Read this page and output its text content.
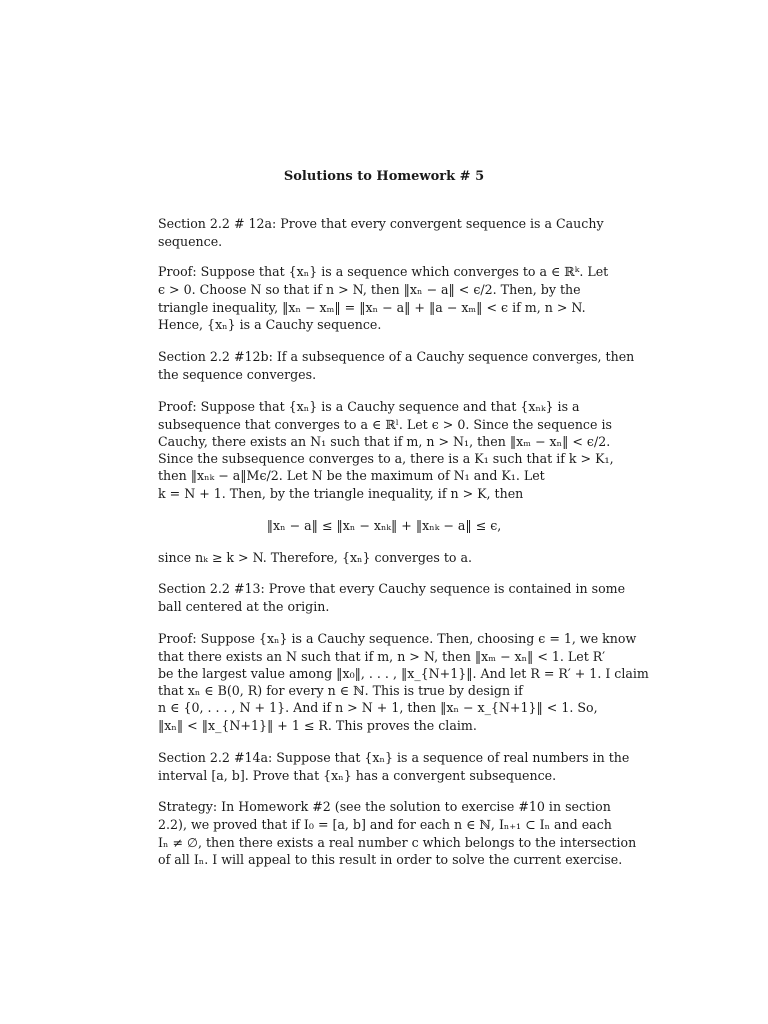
Solutions to Homework # 5
Section 2.2 # 12a: Prove that every convergent sequence is a Cauchy
sequence.
Proof: Suppose that {xₙ} is a sequence which converges to a ∈ ℝᵏ. Let
ϵ > 0. Choose N so that if n > N, then ‖xₙ − a‖ < ϵ/2. Then, by the
triangle inequality, ‖xₙ − xₘ‖ = ‖xₙ − a‖ + ‖a − xₘ‖ < ϵ if m, n > N.
Hence, {xₙ} is a Cauchy sequence.
Section 2.2 #12b: If a subsequence of a Cauchy sequence converges, then
the sequence converges.
Proof: Suppose that {xₙ} is a Cauchy sequence and that {xₙₖ} is a
subsequence that converges to a ∈ ℝˡ. Let ϵ > 0. Since the sequence is
Cauchy, there exists an N₁ such that if m, n > N₁, then ‖xₘ − xₙ‖ < ϵ/2.
Since the subsequence converges to a, there is a K₁ such that if k > K₁,
then ‖xₙₖ − a‖Mϵ/2. Let N be the maximum of N₁ and K₁. Let
k = N + 1. Then, by the triangle inequality, if n > K, then
‖xₙ − a‖ ≤ ‖xₙ − xₙₖ‖ + ‖xₙₖ − a‖ ≤ ϵ,
since nₖ ≥ k > N. Therefore, {xₙ} converges to a.
Section 2.2 #13: Prove that every Cauchy sequence is contained in some
ball centered at the origin.
Proof: Suppose {xₙ} is a Cauchy sequence. Then, choosing ϵ = 1, we know
that there exists an N such that if m, n > N, then ‖xₘ − xₙ‖ < 1. Let R′
be the largest value among ‖x₀‖, . . . , ‖x_{N+1}‖. And let R = R′ + 1. I claim
that xₙ ∈ B(0, R) for every n ∈ ℕ. This is true by design if
n ∈ {0, . . . , N + 1}. And if n > N + 1, then ‖xₙ − x_{N+1}‖ < 1. So,
‖xₙ‖ < ‖x_{N+1}‖ + 1 ≤ R. This proves the claim.
Section 2.2 #14a: Suppose that {xₙ} is a sequence of real numbers in the
interval [a, b]. Prove that {xₙ} has a convergent subsequence.
Strategy: In Homework #2 (see the solution to exercise #10 in section
2.2), we proved that if I₀ = [a, b] and for each n ∈ ℕ, Iₙ₊₁ ⊂ Iₙ and each
Iₙ ≠ ∅, then there exists a real number c which belongs to the intersection
of all Iₙ. I will appeal to this result in order to solve the current exercise.
